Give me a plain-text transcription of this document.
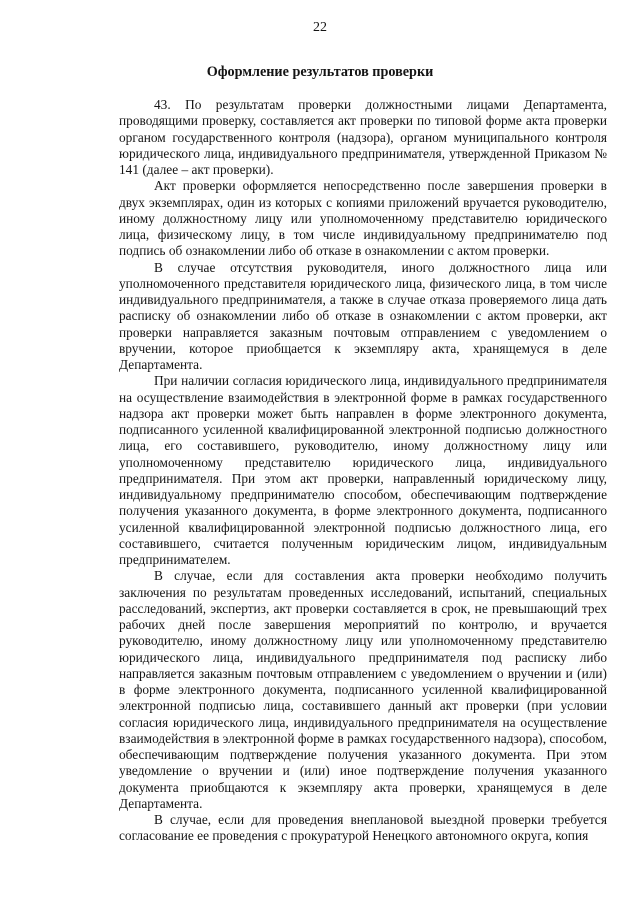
22
Оформление результатов проверки

43. По результатам проверки должностными лицами Департамента, проводящими проверку, составляется акт проверки по типовой форме акта проверки органом государственного контроля (надзора), органом муниципального контроля юридического лица, индивидуального предпринимателя, утвержденной Приказом № 141 (далее – акт проверки).

Акт проверки оформляется непосредственно после завершения проверки в двух экземплярах, один из которых с копиями приложений вручается руководителю, иному должностному лицу или уполномоченному представителю юридического лица, физическому лицу, в том числе индивидуальному предпринимателю под подпись об ознакомлении либо об отказе в ознакомлении с актом проверки.

В случае отсутствия руководителя, иного должностного лица или уполномоченного представителя юридического лица, физического лица, в том числе индивидуального предпринимателя, а также в случае отказа проверяемого лица дать расписку об ознакомлении либо об отказе в ознакомлении с актом проверки, акт проверки направляется заказным почтовым отправлением с уведомлением о вручении, которое приобщается к экземпляру акта, хранящемуся в деле Департамента.

При наличии согласия юридического лица, индивидуального предпринимателя на осуществление взаимодействия в электронной форме в рамках государственного надзора акт проверки может быть направлен в форме электронного документа, подписанного усиленной квалифицированной электронной подписью должностного лица, его составившего, руководителю, иному должностному лицу или уполномоченному представителю юридического лица, индивидуального предпринимателя. При этом акт проверки, направленный юридическому лицу, индивидуальному предпринимателю способом, обеспечивающим подтверждение получения указанного документа, в форме электронного документа, подписанного усиленной квалифицированной электронной подписью должностного лица, его составившего, считается полученным юридическим лицом, индивидуальным предпринимателем.

В случае, если для составления акта проверки необходимо получить заключения по результатам проведенных исследований, испытаний, специальных расследований, экспертиз, акт проверки составляется в срок, не превышающий трех рабочих дней после завершения мероприятий по контролю, и вручается руководителю, иному должностному лицу или уполномоченному представителю юридического лица, индивидуального предпринимателя под расписку либо направляется заказным почтовым отправлением с уведомлением о вручении и (или) в форме электронного документа, подписанного усиленной квалифицированной электронной подписью лица, составившего данный акт проверки (при условии согласия юридического лица, индивидуального предпринимателя на осуществление взаимодействия в электронной форме в рамках государственного надзора), способом, обеспечивающим подтверждение получения указанного документа. При этом уведомление о вручении и (или) иное подтверждение получения указанного документа приобщаются к экземпляру акта проверки, хранящемуся в деле Департамента.

В случае, если для проведения внеплановой выездной проверки требуется согласование ее проведения с прокуратурой Ненецкого автономного округа, копия
